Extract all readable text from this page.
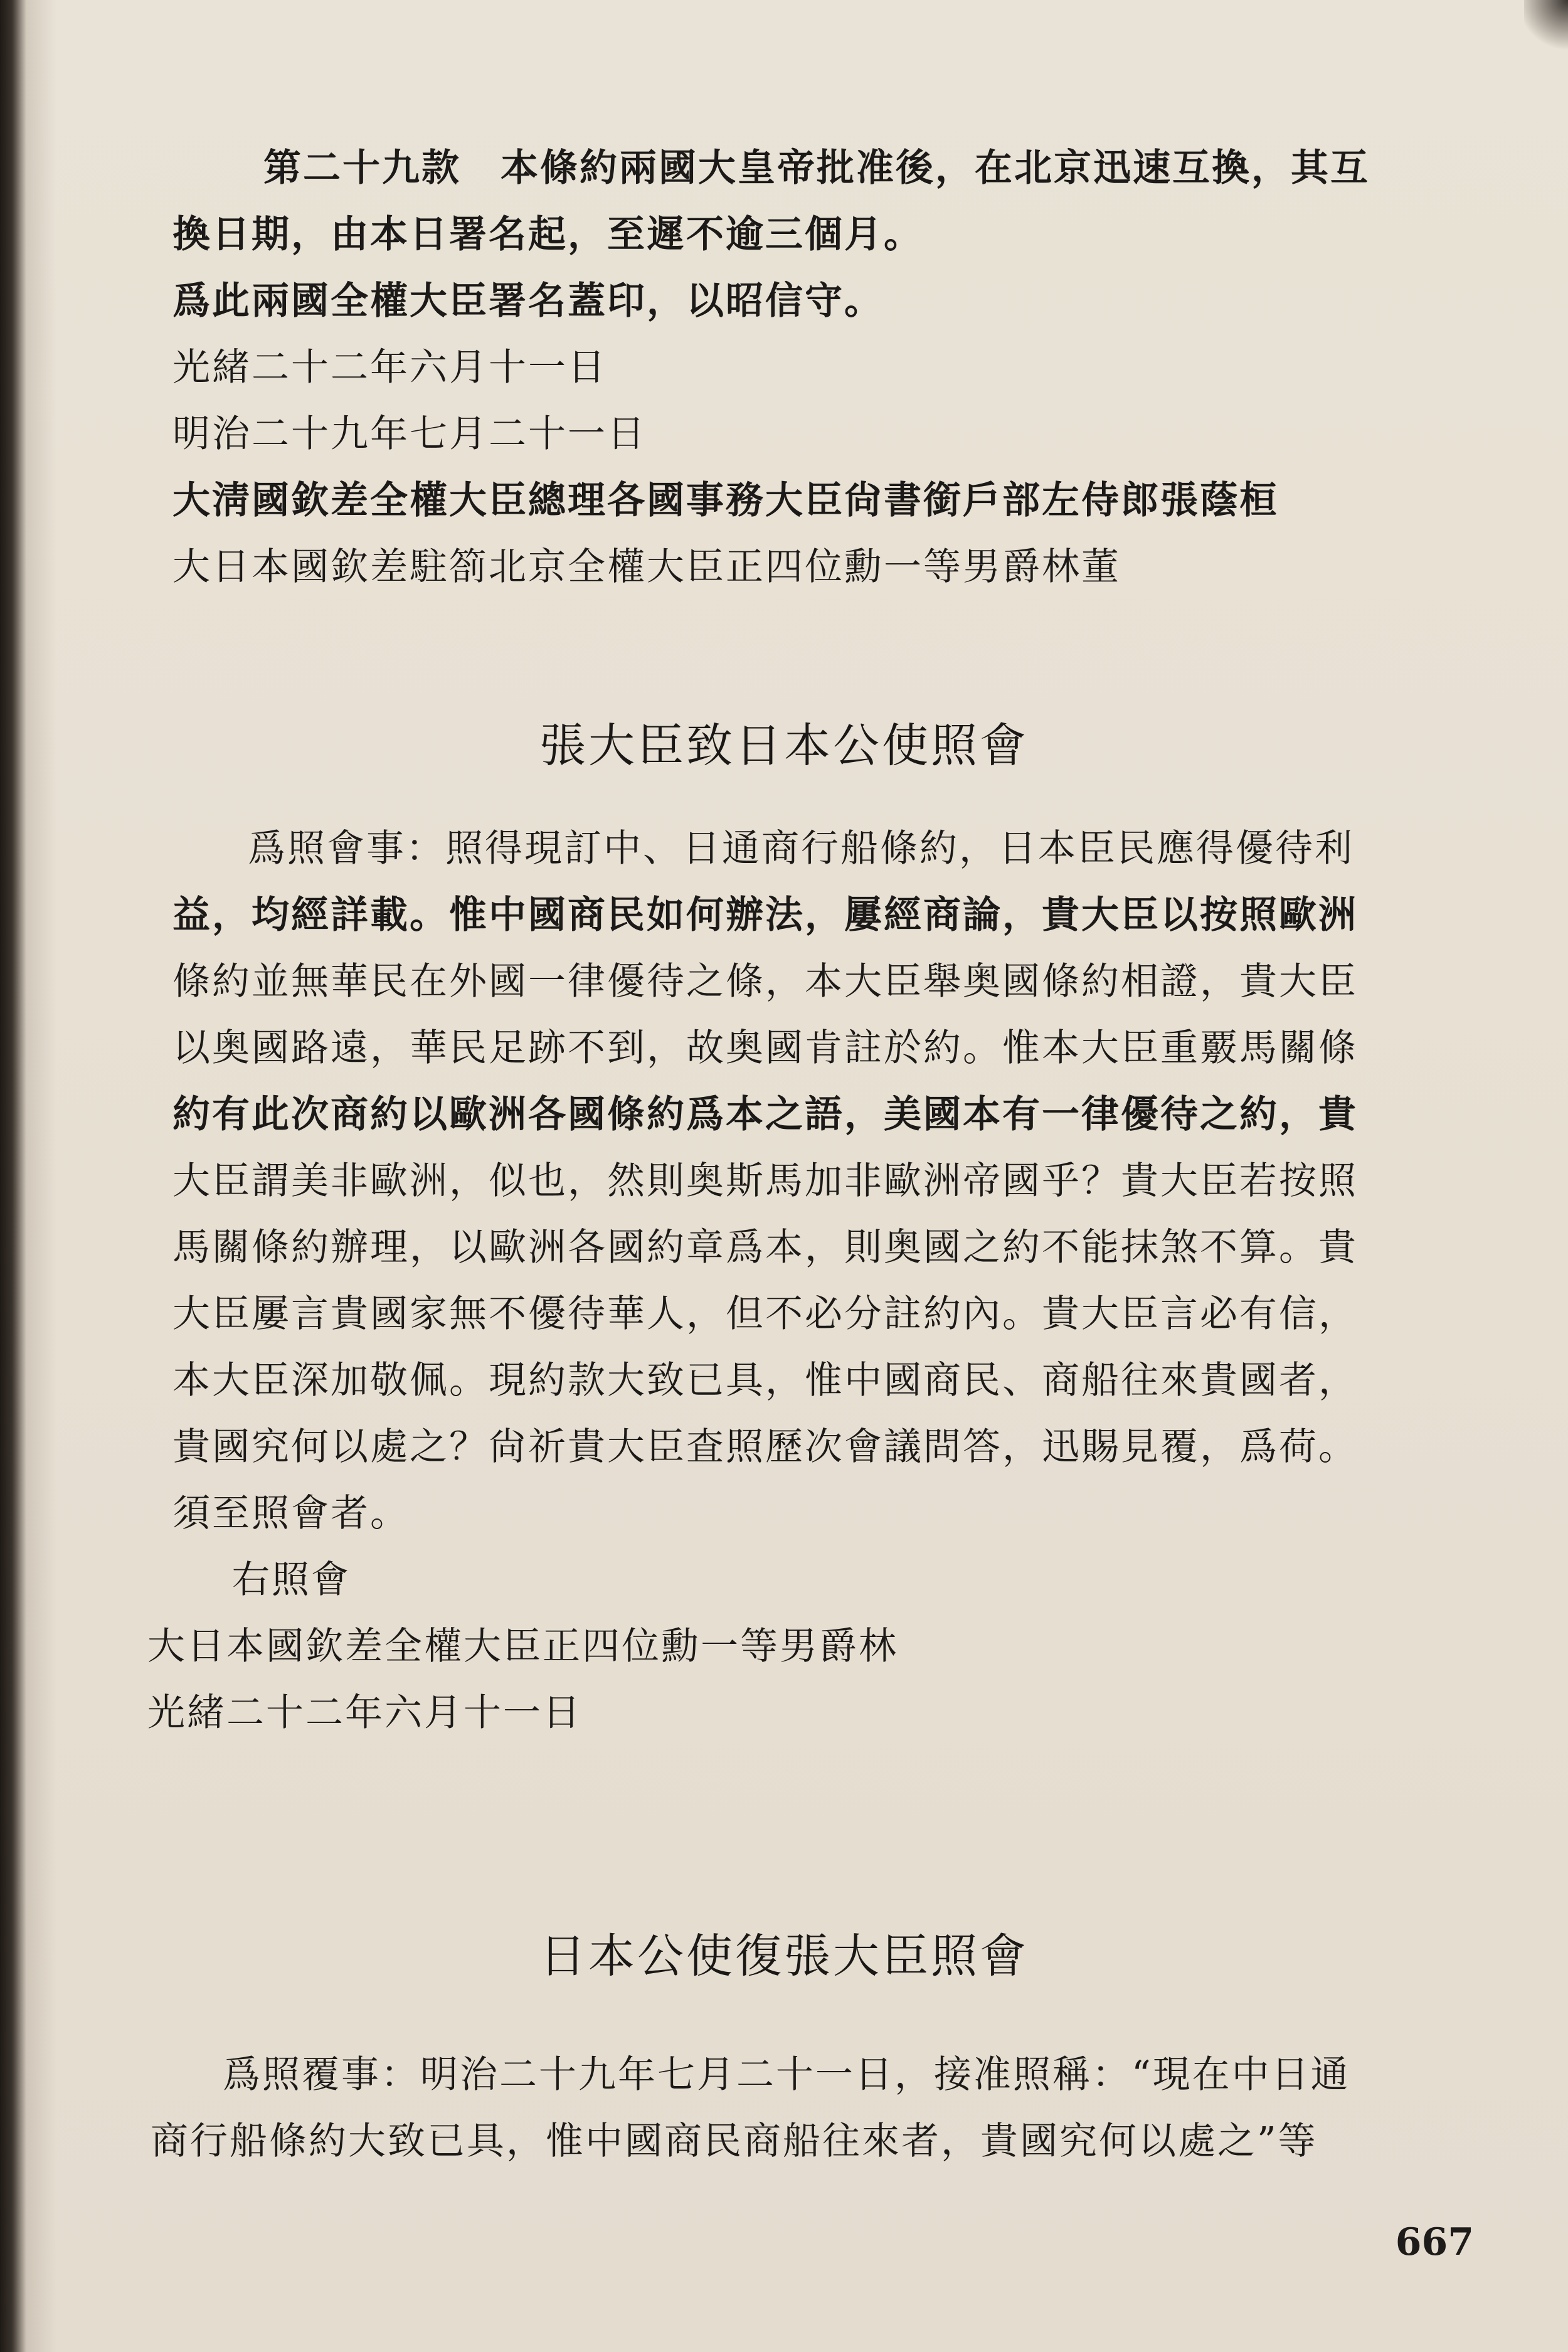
第二十九款　本條約兩國大皇帝批准後，在北京迅速互換，其互
換日期，由本日署名起，至遲不逾三個月。
爲此兩國全權大臣署名蓋印，以昭信守。
光緒二十二年六月十一日
明治二十九年七月二十一日
大淸國欽差全權大臣總理各國事務大臣尙書銜戶部左侍郎張蔭桓
大日本國欽差駐箚北京全權大臣正四位勳一等男爵林董
張大臣致日本公使照會
爲照會事：照得現訂中、日通商行船條約，日本臣民應得優待利
益，均經詳載。惟中國商民如何辦法，屢經商論，貴大臣以按照歐洲
條約並無華民在外國一律優待之條，本大臣舉奥國條約相證，貴大臣
以奥國路遠，華民足跡不到，故奥國肯註於約。惟本大臣重覈馬關條
約有此次商約以歐洲各國條約爲本之語，美國本有一律優待之約，貴
大臣謂美非歐洲，似也，然則奥斯馬加非歐洲帝國乎？貴大臣若按照
馬關條約辦理，以歐洲各國約章爲本，則奥國之約不能抹煞不算。貴
大臣屢言貴國家無不優待華人，但不必分註約內。貴大臣言必有信，
本大臣深加敬佩。現約款大致已具，惟中國商民、商船往來貴國者，
貴國究何以處之？尙祈貴大臣査照歷次會議問答，迅賜見覆，爲荷。
須至照會者。
右照會
大日本國欽差全權大臣正四位勳一等男爵林
光緒二十二年六月十一日
日本公使復張大臣照會
爲照覆事：明治二十九年七月二十一日，接准照稱：“現在中日通
商行船條約大致已具，惟中國商民商船往來者，貴國究何以處之”等
667
